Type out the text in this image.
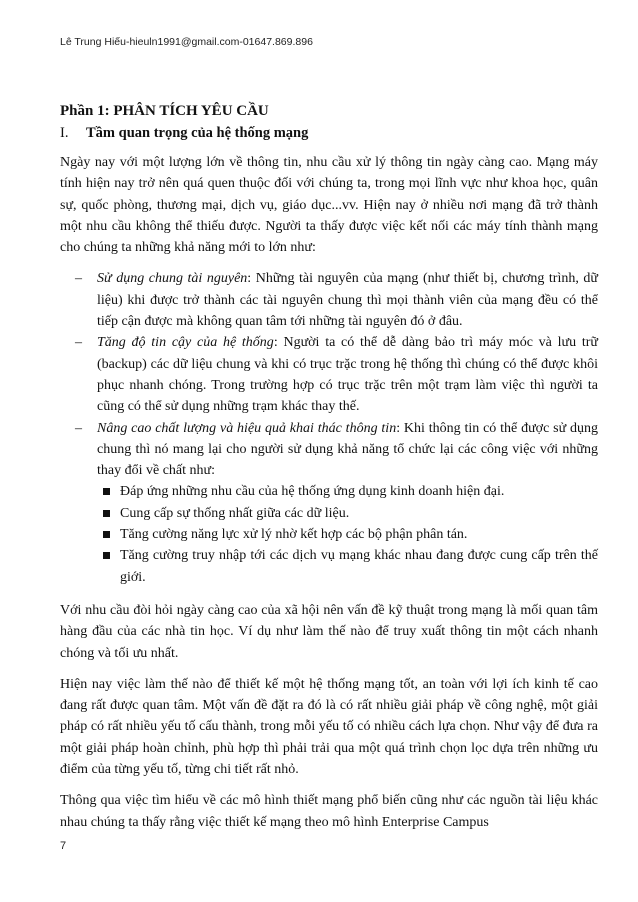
Lê Trung Hiếu-hieuln1991@gmail.com-01647.869.896
Phần 1: PHÂN TÍCH YÊU CẦU
I.	Tầm quan trọng của hệ thống mạng

Ngày nay với một lượng lớn về thông tin, nhu cầu xử lý thông tin ngày càng cao. Mạng máy tính hiện nay trở nên quá quen thuộc đối với chúng ta, trong mọi lĩnh vực như khoa học, quân sự, quốc phòng, thương mại, dịch vụ, giáo dục...vv. Hiện nay ở nhiều nơi mạng đã trở thành một nhu cầu không thể thiếu được. Người ta thấy được việc kết nối các máy tính thành mạng cho chúng ta những khả năng mới to lớn như:

– Sử dụng chung tài nguyên: Những tài nguyên của mạng (như thiết bị, chương trình, dữ liệu) khi được trở thành các tài nguyên chung thì mọi thành viên của mạng đều có thể tiếp cận được mà không quan tâm tới những tài nguyên đó ở đâu.
– Tăng độ tin cậy của hệ thống: Người ta có thể dễ dàng bảo trì máy móc và lưu trữ (backup) các dữ liệu chung và khi có trục trặc trong hệ thống thì chúng có thể được khôi phục nhanh chóng. Trong trường hợp có trục trặc trên một trạm làm việc thì người ta cũng có thể sử dụng những trạm khác thay thế.
– Nâng cao chất lượng và hiệu quả khai thác thông tin: Khi thông tin có thể được sử dụng chung thì nó mang lại cho người sử dụng khả năng tổ chức lại các công việc với những thay đổi về chất như:
Đáp ứng những nhu cầu của hệ thống ứng dụng kinh doanh hiện đại.
Cung cấp sự thống nhất giữa các dữ liệu.
Tăng cường năng lực xử lý nhờ kết hợp các bộ phận phân tán.
Tăng cường truy nhập tới các dịch vụ mạng khác nhau đang được cung cấp trên thế giới.

Với nhu cầu đòi hỏi ngày càng cao của xã hội nên vấn đề kỹ thuật trong mạng là mối quan tâm hàng đầu của các nhà tin học. Ví dụ như làm thế nào để truy xuất thông tin một cách nhanh chóng và tối ưu nhất.

Hiện nay việc làm thế nào để thiết kế một hệ thống mạng tốt, an toàn với lợi ích kinh tế cao đang rất được quan tâm. Một vấn đề đặt ra đó là có rất nhiều giải pháp về công nghệ, một giải pháp có rất nhiều yếu tố cấu thành, trong mỗi yếu tố có nhiều cách lựa chọn. Như vậy để đưa ra một giải pháp hoàn chỉnh, phù hợp thì phải trải qua một quá trình chọn lọc dựa trên những ưu điểm của từng yếu tố, từng chi tiết rất nhỏ.

Thông qua việc tìm hiểu về các mô hình thiết mạng phổ biến cũng như các nguồn tài liệu khác nhau chúng ta thấy rằng việc thiết kế mạng theo mô hình Enterprise Campus

7
